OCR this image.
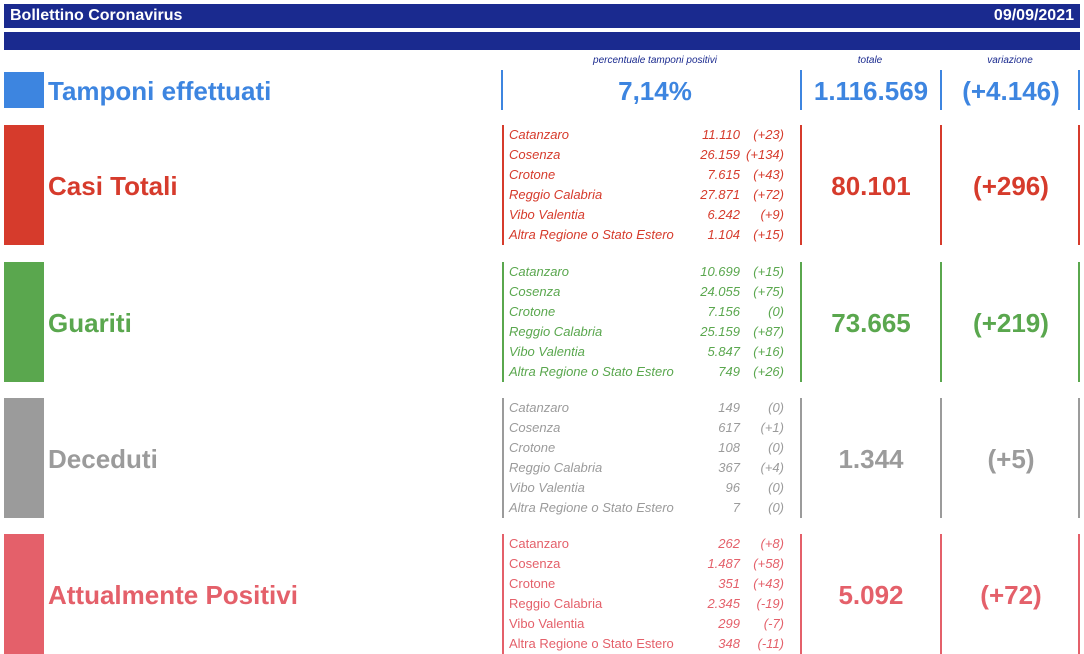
Bollettino Coronavirus	09/09/2021
percentuale tamponi positivi	totale	variazione
Tamponi effettuati	7,14%	1.116.569	(+4.146)
Casi Totali	80.101	(+296)
Catanzaro	11.110 (+23)
Cosenza	26.159 (+134)
Crotone	7.615 (+43)
Reggio Calabria	27.871 (+72)
Vibo Valentia	6.242 (+9)
Altra Regione o Stato Estero	1.104 (+15)
Guariti	73.665	(+219)
Catanzaro	10.699 (+15)
Cosenza	24.055 (+75)
Crotone	7.156 (0)
Reggio Calabria	25.159 (+87)
Vibo Valentia	5.847 (+16)
Altra Regione o Stato Estero	749 (+26)
Deceduti	1.344	(+5)
Catanzaro	149 (0)
Cosenza	617 (+1)
Crotone	108 (0)
Reggio Calabria	367 (+4)
Vibo Valentia	96 (0)
Altra Regione o Stato Estero	7 (0)
Attualmente Positivi	5.092	(+72)
Catanzaro	262 (+8)
Cosenza	1.487 (+58)
Crotone	351 (+43)
Reggio Calabria	2.345 (-19)
Vibo Valentia	299 (-7)
Altra Regione o Stato Estero	348 (-11)
